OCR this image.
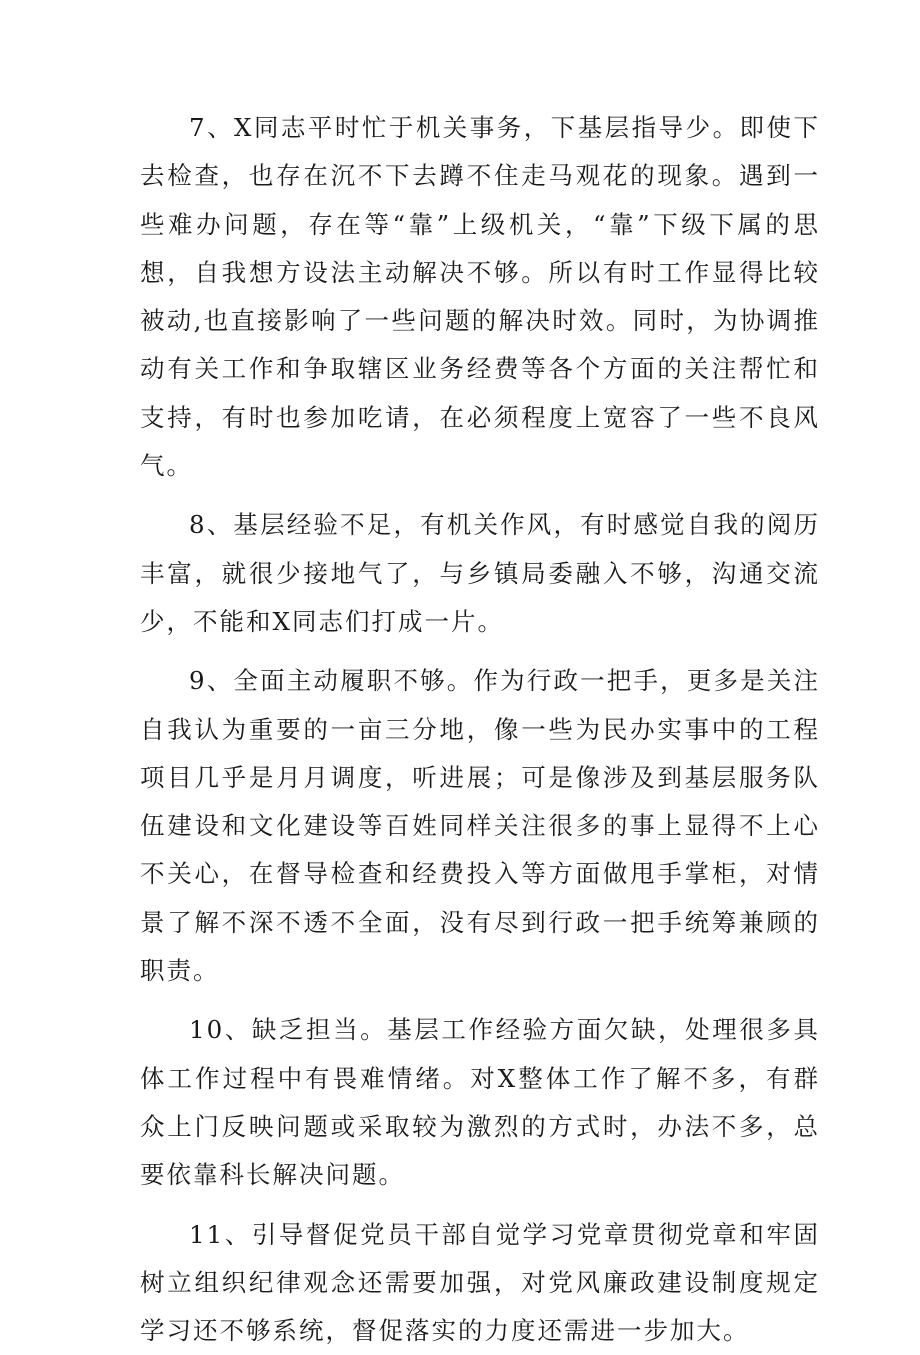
7、X同志平时忙于机关事务，下基层指导少。即使下去检查，也存在沉不下去蹲不住走马观花的现象。遇到一些难办问题，存在等“靠”上级机关，“靠”下级下属的思想，自我想方设法主动解决不够。所以有时工作显得比较被动,也直接影响了一些问题的解决时效。同时，为协调推动有关工作和争取辖区业务经费等各个方面的关注帮忙和支持，有时也参加吃请，在必须程度上宽容了一些不良风气。

8、基层经验不足，有机关作风，有时感觉自我的阅历丰富，就很少接地气了，与乡镇局委融入不够，沟通交流少，不能和X同志们打成一片。

9、全面主动履职不够。作为行政一把手，更多是关注自我认为重要的一亩三分地，像一些为民办实事中的工程项目几乎是月月调度，听进展；可是像涉及到基层服务队伍建设和文化建设等百姓同样关注很多的事上显得不上心不关心，在督导检查和经费投入等方面做甩手掌柜，对情景了解不深不透不全面，没有尽到行政一把手统筹兼顾的职责。

10、缺乏担当。基层工作经验方面欠缺，处理很多具体工作过程中有畏难情绪。对X整体工作了解不多，有群众上门反映问题或采取较为激烈的方式时，办法不多，总要依靠科长解决问题。

11、引导督促党员干部自觉学习党章贯彻党章和牢固树立组织纪律观念还需要加强，对党风廉政建设制度规定学习还不够系统，督促落实的力度还需进一步加大。
